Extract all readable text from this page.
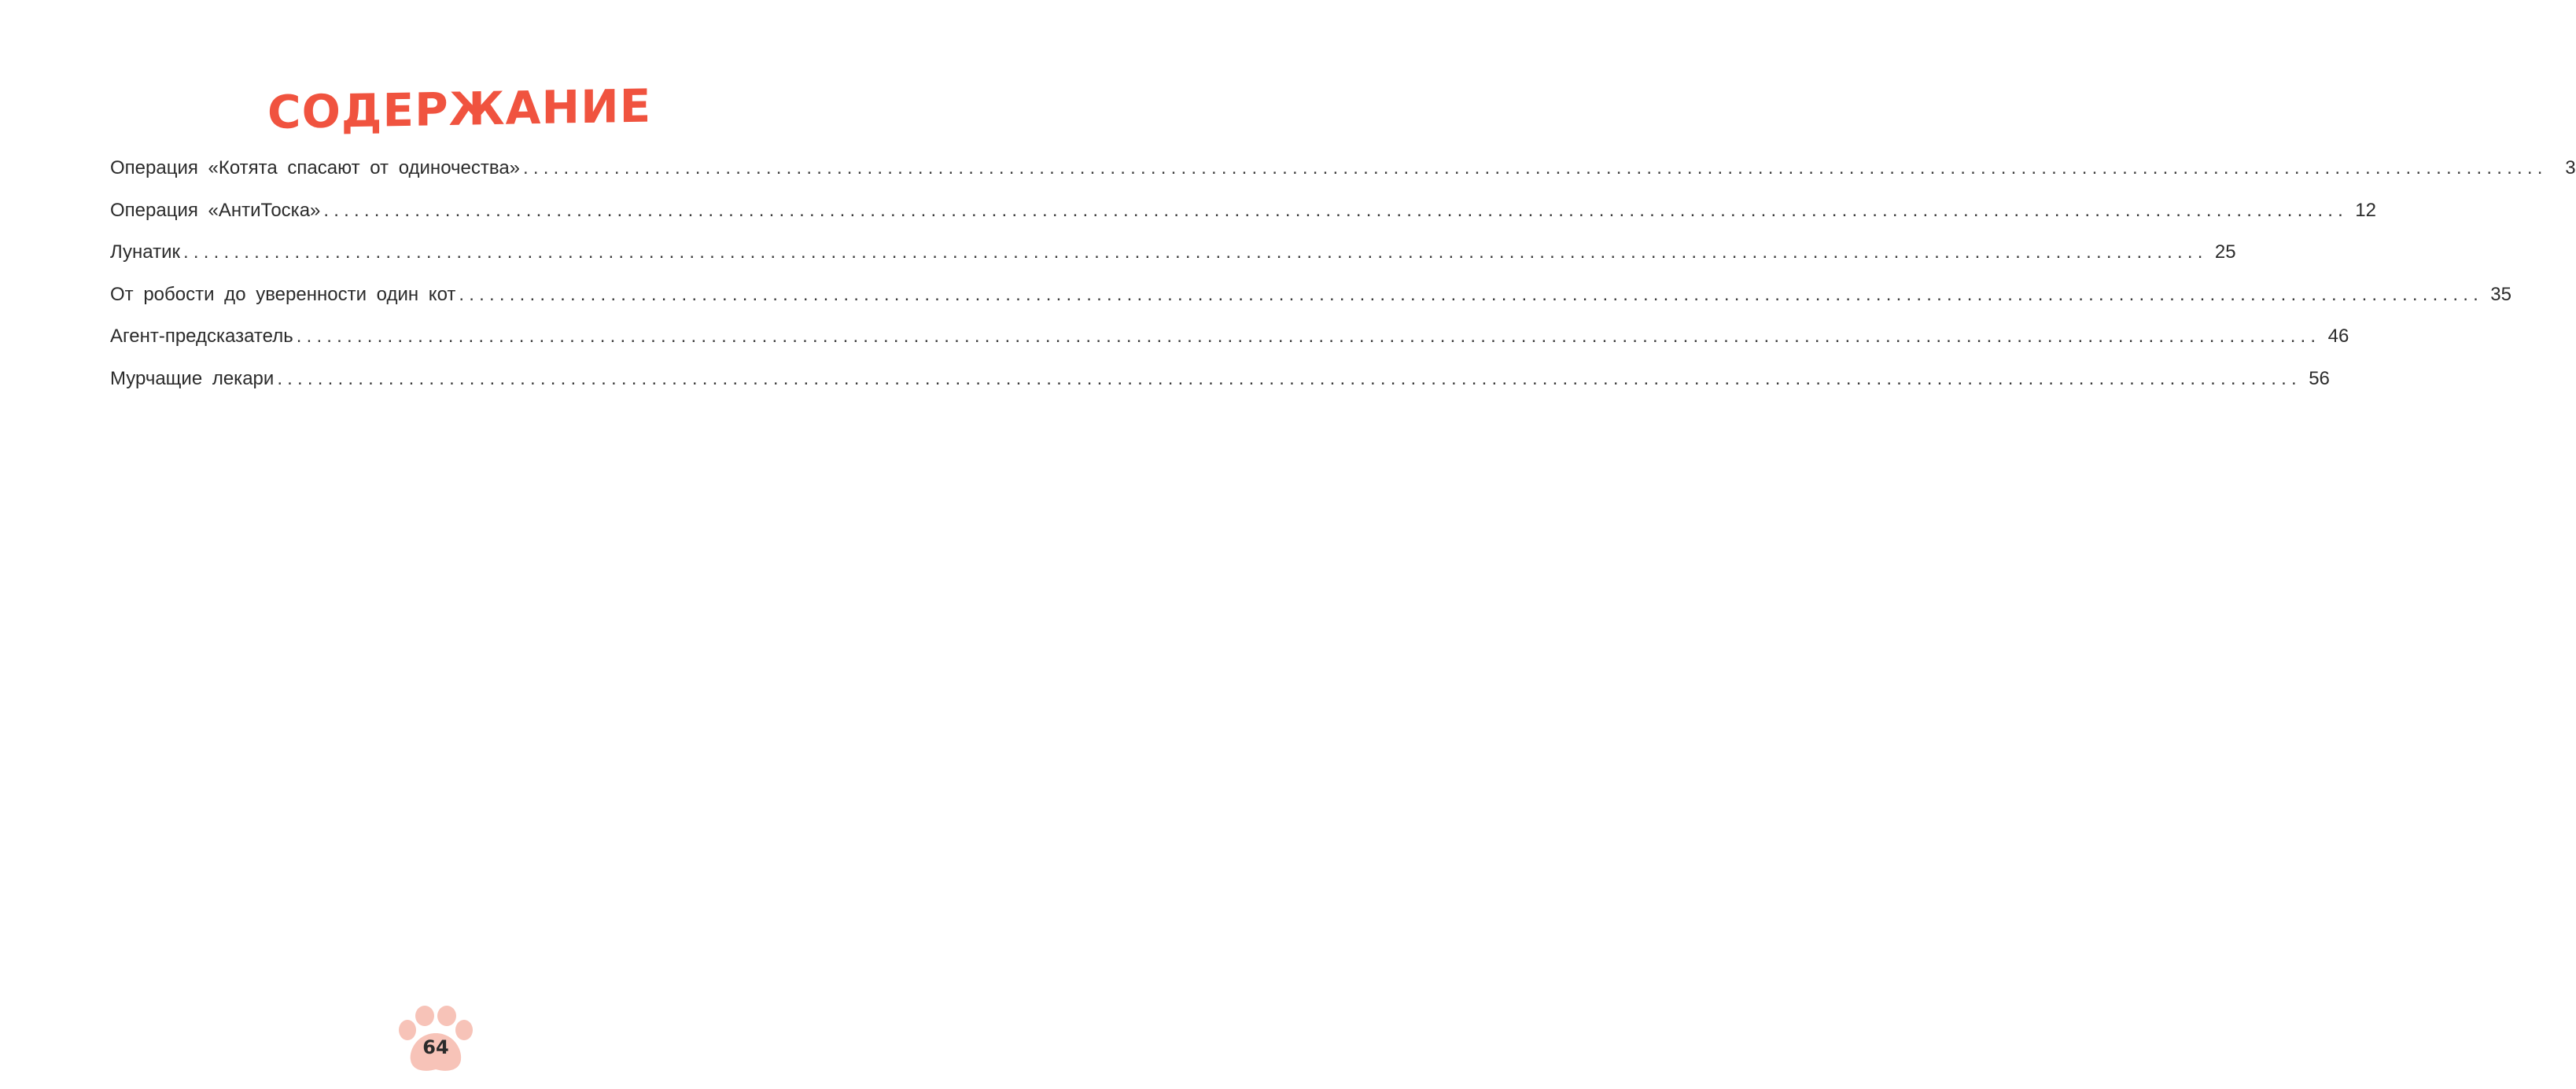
СОДЕРЖАНИЕ
Операция «Котята спасают от одиночества» ........................................................................................................................................................................................................ 3
Операция «АнтиТоска» ........................................................................................................................................................................................................ 12
Лунатик ........................................................................................................................................................................................................ 25
От робости до уверенности один кот ........................................................................................................................................................................................................ 35
Агент-предсказатель ........................................................................................................................................................................................................ 46
Мурчащие лекари ........................................................................................................................................................................................................ 56
64
